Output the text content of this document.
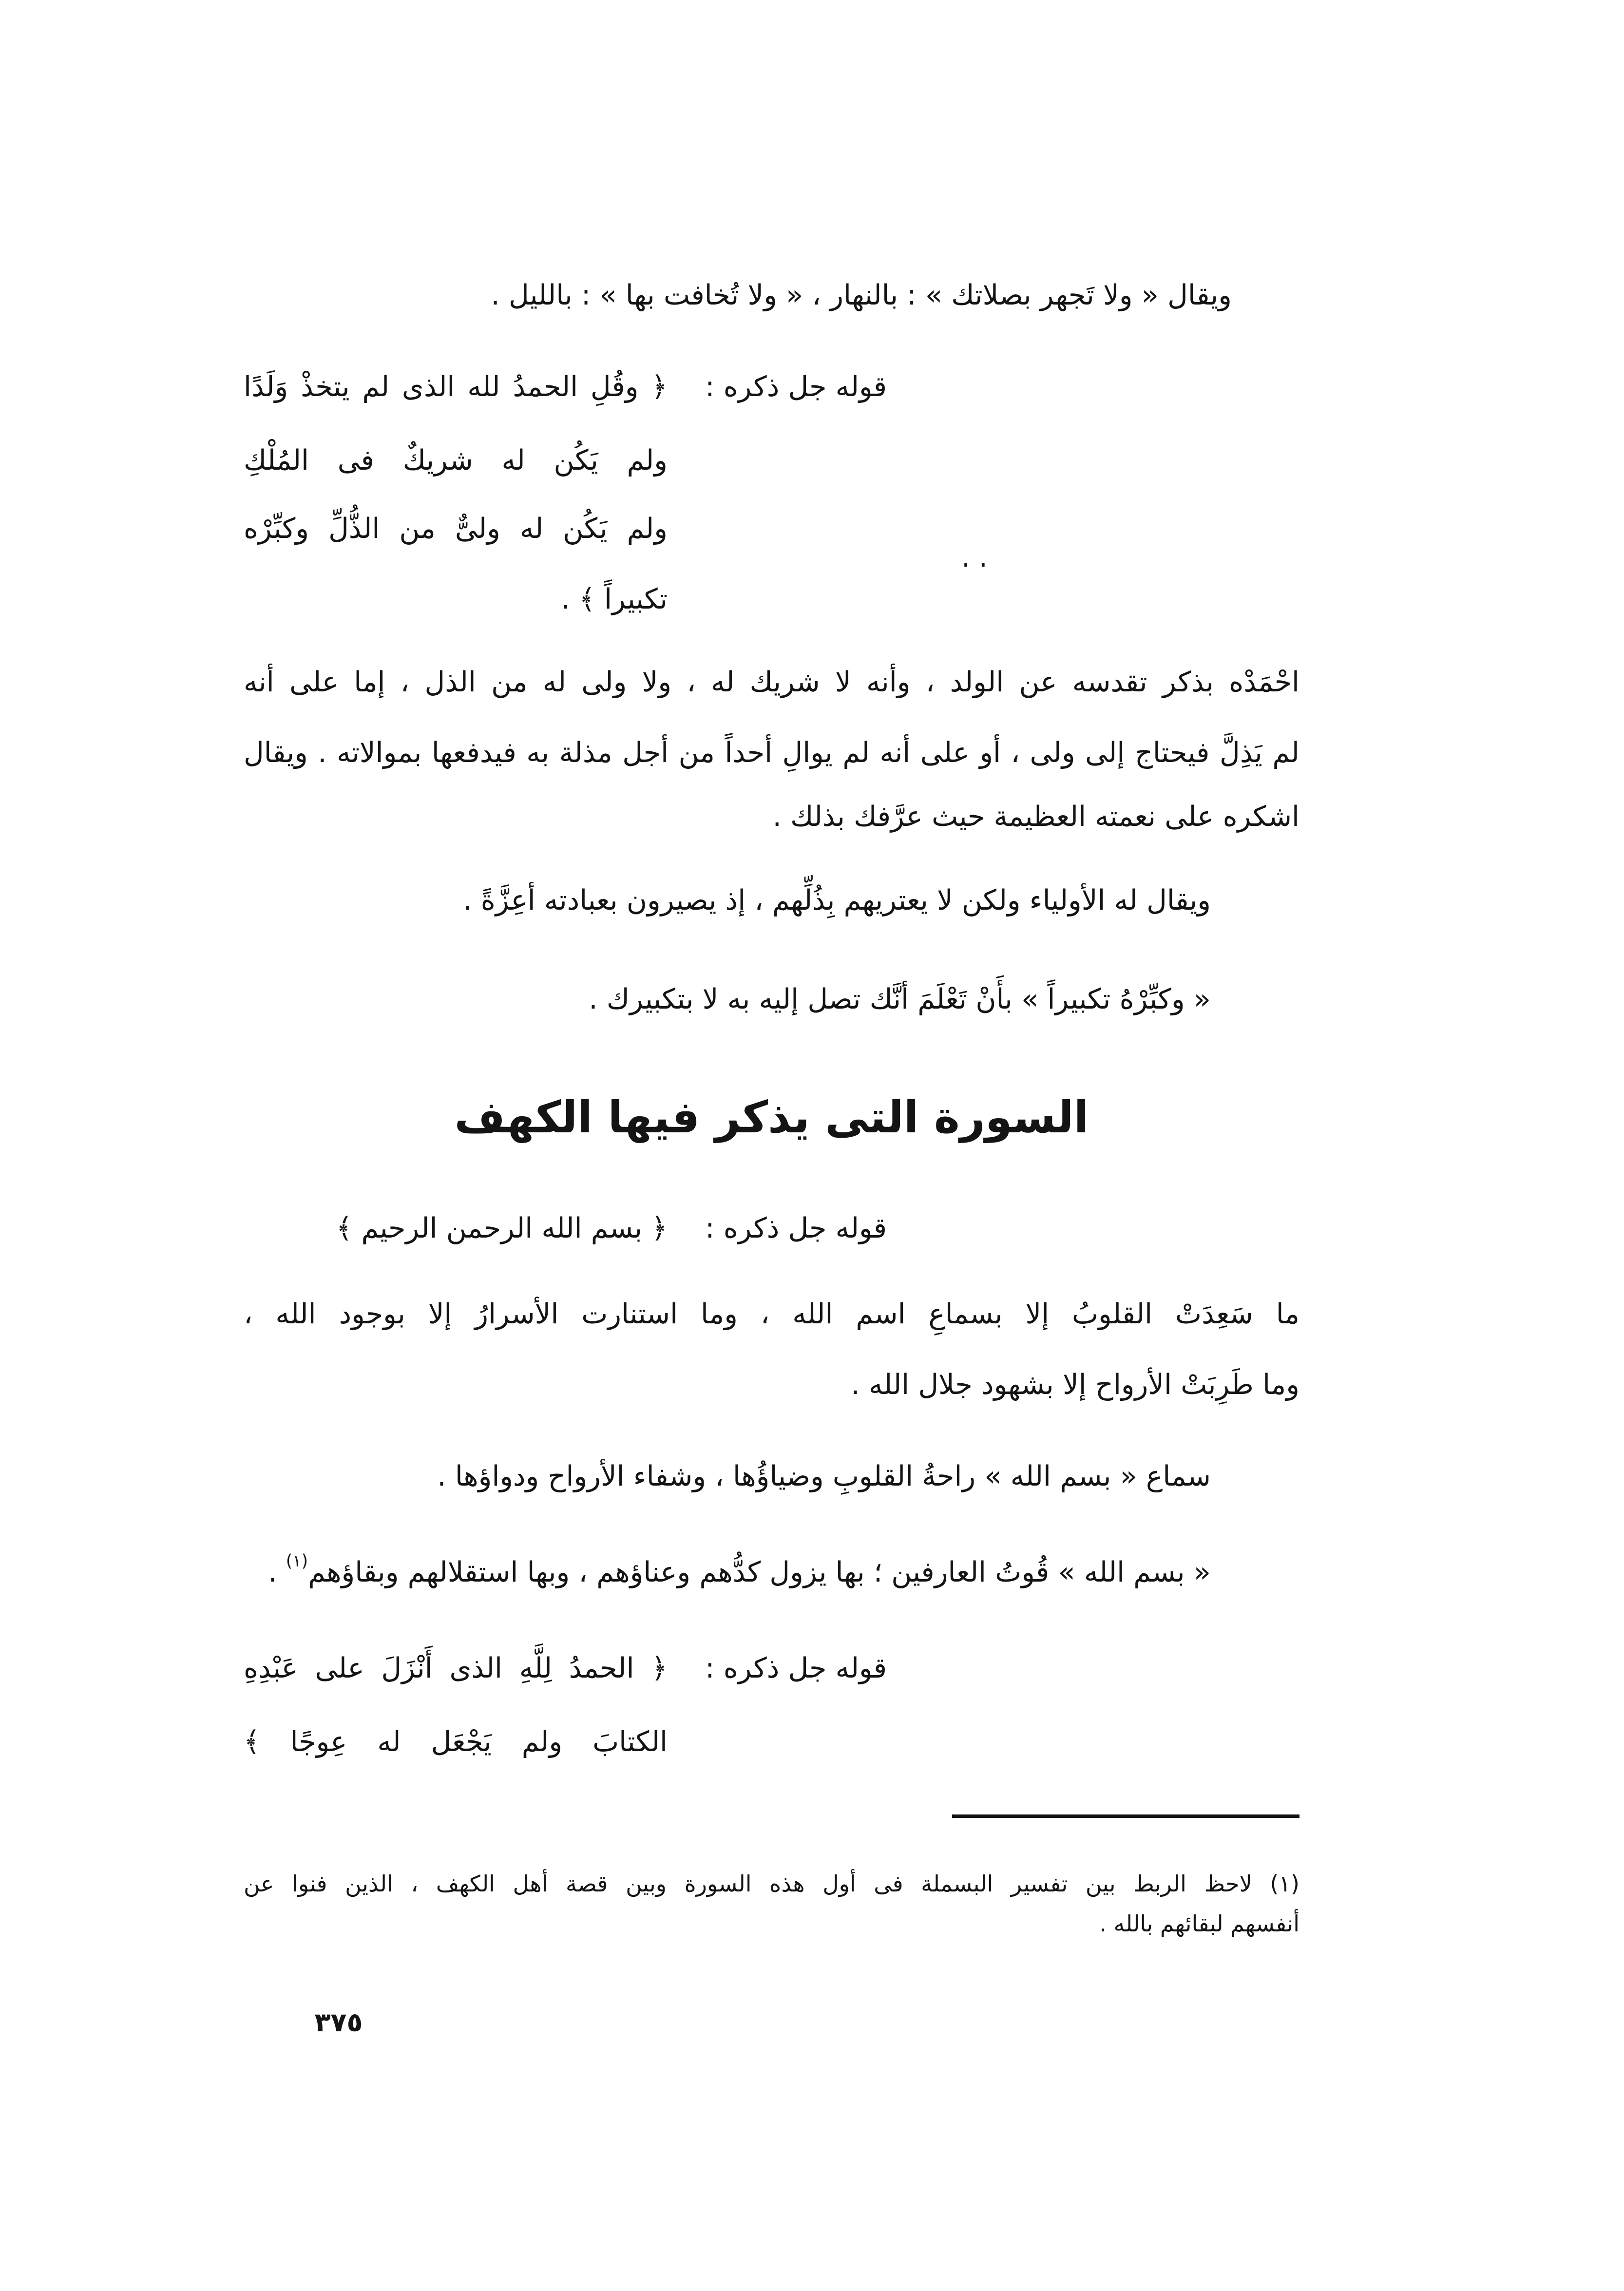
ويقال « ولا تَجهر بصلاتك » : بالنهار ، « ولا تُخافت بها » : بالليل .
قوله جل ذكره :
﴿ وقُلِ الحمدُ لله الذى لم يتخذْ وَلَدًا
ولم يَكُن له شريكٌ فى المُلْكِ
ولم يَكُن له ولىٌّ من الذُّلِّ وكبِّرْه
تكبيراً ﴾ .
. .
احْمَدْه بذكر تقدسه عن الولد ، وأنه لا شريك له ، ولا ولى له من الذل ، إما على أنه
لم يَذِلَّ فيحتاج إلى ولى ، أو على أنه لم يوالِ أحداً من أجل مذلة به فيدفعها بموالاته . ويقال
اشكره على نعمته العظيمة حيث عرَّفك بذلك .
ويقال له الأولياء ولكن لا يعتريهم بِذُلِّهم ، إذ يصيرون بعبادته أعِزَّةً .
« وكبِّرْهُ تكبيراً » بأَنْ تَعْلَمَ أنَّك تصل إليه به لا بتكبيرك .
السورة التى يذكر فيها الكهف
قوله جل ذكره :
﴿ بسم الله الرحمن الرحيم ﴾
ما سَعِدَتْ القلوبُ إلا بسماعِ اسم الله ، وما استنارت الأسرارُ إلا بوجود الله ،
وما طَرِبَتْ الأرواح إلا بشهود جلال الله .
سماع « بسم الله » راحةُ القلوبِ وضياؤُها ، وشفاء الأرواح ودواؤها .
« بسم الله » قُوتُ العارفين ؛ بها يزول كدُّهم وعناؤهم ، وبها استقلالهم وبقاؤهم$^{(١)}$ .
قوله جل ذكره :
﴿ الحمدُ لِلَّهِ الذى أَنْزَلَ على عَبْدِهِ
الكتابَ ولم يَجْعَل له عِوجًا ﴾
(١) لاحظ الربط بين تفسير البسملة فى أول هذه السورة وبين قصة أهل الكهف ، الذين فنوا عن
أنفسهم لبقائهم بالله .
٣٧٥
